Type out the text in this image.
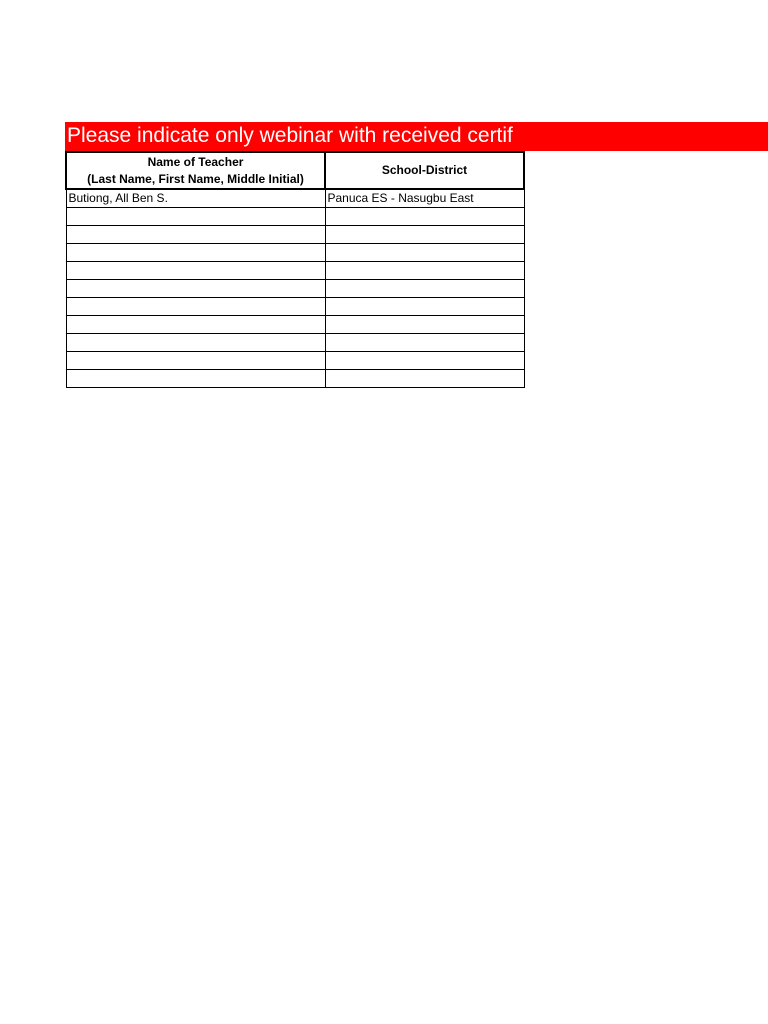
Please indicate only webinar with received certif
Name of Teacher
(Last Name, First Name, Middle Initial)	School-District
Butiong, All Ben S.	Panuca ES - Nasugbu East
